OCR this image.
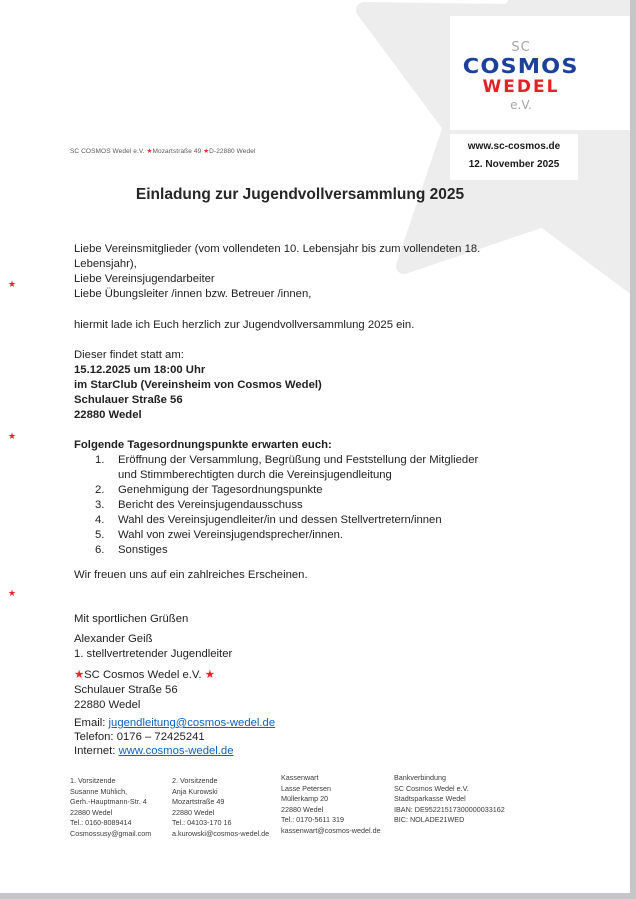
SC
COSMOS
WEDEL
e.V.
www.sc-cosmos.de
12. November 2025
SC COSMOS Wedel e.V. ★Mozartstraße 49 ★D-22880 Wedel
Einladung zur Jugendvollversammlung 2025
★
★
★
Liebe Vereinsmitglieder (vom vollendeten 10. Lebensjahr bis zum vollendeten 18.
Lebensjahr),
Liebe Vereinsjugendarbeiter
Liebe Übungsleiter /innen bzw. Betreuer /innen,
hiermit lade ich Euch herzlich zur Jugendvollversammlung 2025 ein.
Dieser findet statt am:
15.12.2025 um 18:00 Uhr
im StarClub (Vereinsheim von Cosmos Wedel)
Schulauer Straße 56
22880 Wedel
Folgende Tagesordnungspunkte erwarten euch:
1.	Eröffnung der Versammlung, Begrüßung und Feststellung der Mitglieder
und Stimmberechtigten durch die Vereinsjugendleitung
2.	Genehmigung der Tagesordnungspunkte
3.	Bericht des Vereinsjugendausschuss
4.	Wahl des Vereinsjugendleiter/in und dessen Stellvertretern/innen
5.	Wahl von zwei Vereinsjugendsprecher/innen.
6.	Sonstiges
Wir freuen uns auf ein zahlreiches Erscheinen.
Mit sportlichen Grüßen
Alexander Geiß
1. stellvertretender Jugendleiter
★SC Cosmos Wedel e.V. ★
Schulauer Straße 56
22880 Wedel
Email: jugendleitung@cosmos-wedel.de
Telefon: 0176 – 72425241
Internet: www.cosmos-wedel.de
1. Vorsitzende
Susanne Mühlich,
Gerh.-Hauptmann-Str. 4
22880 Wedel
Tel.: 0160-8089414
Cosmossusy@gmail.com
2. Vorsitzende
Anja Kurowski
Mozartstraße 49
22880 Wedel
Tel.: 04103-170 16
a.kurowski@cosmos-wedel.de
Kassenwart
Lasse Petersen
Müllerkamp 20
22880 Wedel
Tel.: 0170-5611 319
kassenwart@cosmos-wedel.de
Bankverbindung
SC Cosmos Wedel e.V.
Stadtsparkasse Wedel
IBAN: DE95221517300000033162
BIC: NOLADE21WED
